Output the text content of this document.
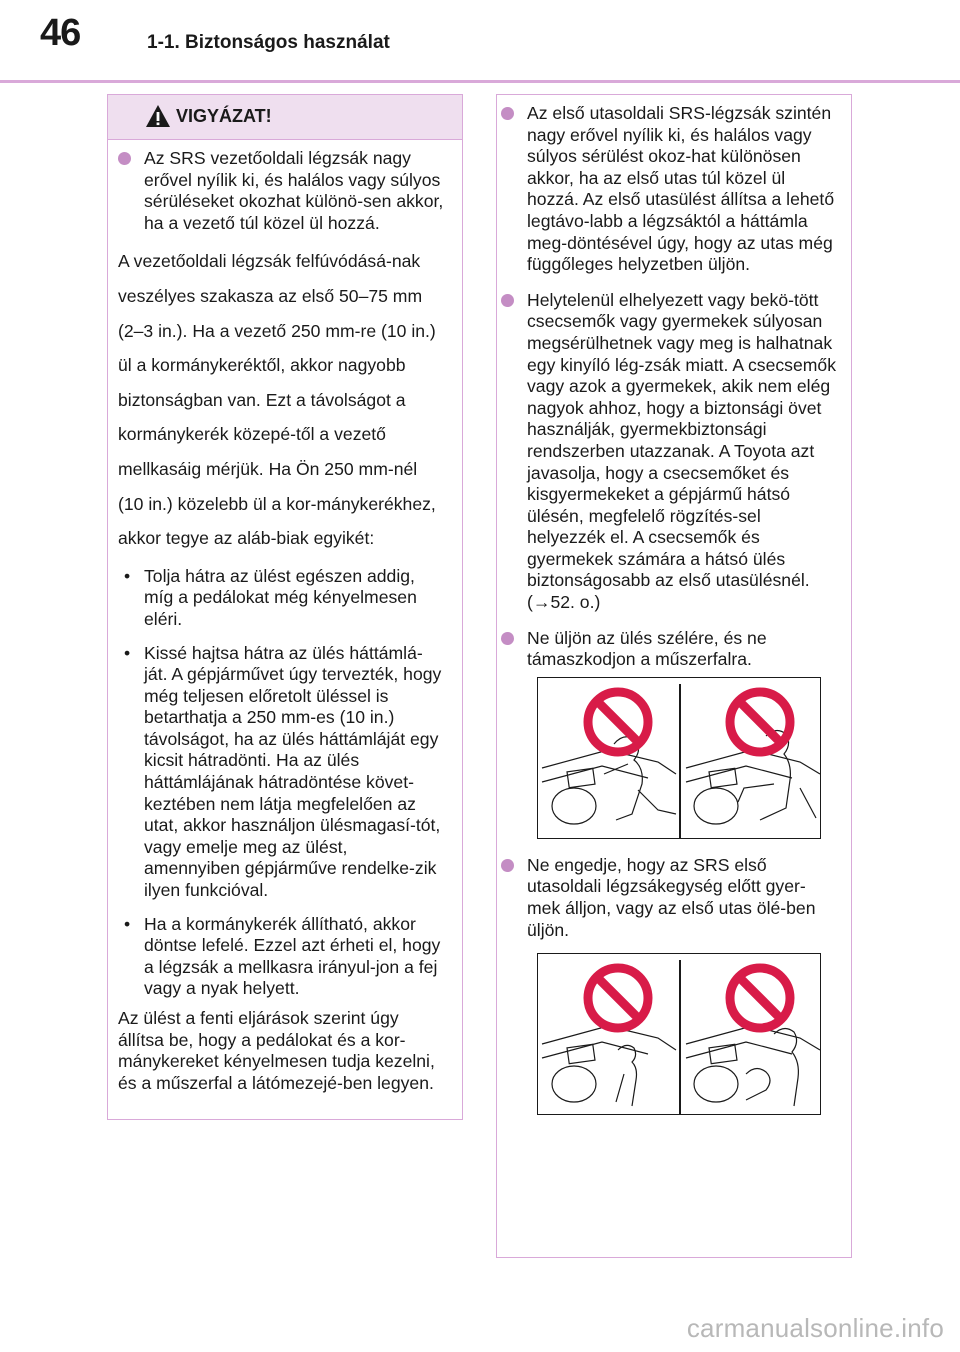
46	1-1. Biztonságos használat
VIGYÁZAT!
Az SRS vezetőoldali légzsák nagy erővel nyílik ki, és halálos vagy súlyos sérüléseket okozhat különö-sen akkor, ha a vezető túl közel ül hozzá.

A vezetőoldali légzsák felfúvódásá-nak veszélyes szakasza az első 50–75 mm (2–3 in.). Ha a vezető 250 mm-re (10 in.) ül a kormánykeréktől, akkor nagyobb biztonságban van. Ezt a távolságot a kormánykerék közepé-től a vezető mellkasáig mérjük. Ha Ön 250 mm-nél (10 in.) közelebb ül a kor-mánykerékhez, akkor tegye az aláb-biak egyikét:

• Tolja hátra az ülést egészen addig, míg a pedálokat még kényelmesen eléri.
• Kissé hajtsa hátra az ülés háttámlá-ját. A gépjárművet úgy tervezték, hogy még teljesen előretolt üléssel is betarthatja a 250 mm-es (10 in.) távolságot, ha az ülés háttámláját egy kicsit hátradönti. Ha az ülés háttámlájának hátradöntése követ-keztében nem látja megfelelően az utat, akkor használjon ülésmagasí-tót, vagy emelje meg az ülést, amennyiben gépjárműve rendelke-zik ilyen funkcióval.
• Ha a kormánykerék állítható, akkor döntse lefelé. Ezzel azt érheti el, hogy a légzsák a mellkasra irányul-jon a fej vagy a nyak helyett.

Az ülést a fenti eljárások szerint úgy állítsa be, hogy a pedálokat és a kor-mánykereket kényelmesen tudja kezelni, és a műszerfal a látómezejé-ben legyen.

Az első utasoldali SRS-légzsák szintén nagy erővel nyílik ki, és halálos vagy súlyos sérülést okoz-hat különösen akkor, ha az első utas túl közel ül hozzá. Az első utasülést állítsa a lehető legtávo-labb a légzsáktól a háttámla meg-döntésével úgy, hogy az utas még függőleges helyzetben üljön.
Helytelenül elhelyezett vagy bekö-tött csecsemők vagy gyermekek súlyosan megsérülhetnek vagy meg is halhatnak egy kinyíló lég-zsák miatt. A csecsemők vagy azok a gyermekek, akik nem elég nagyok ahhoz, hogy a biztonsági övet használják, gyermekbiztonsági rendszerben utazzanak. A Toyota azt javasolja, hogy a csecsemőket és kisgyermekeket a gépjármű hátsó ülésén, megfelelő rögzítés-sel helyezzék el. A csecsemők és gyermekek számára a hátsó ülés biztonságosabb az első utasülésnél. (→52. o.)
Ne üljön az ülés szélére, és ne támaszkodjon a műszerfalra.
Ne engedje, hogy az SRS első utasoldali légzsákegység előtt gyer-mek álljon, vagy az első utas ölé-ben üljön.
carmanualsonline.info
